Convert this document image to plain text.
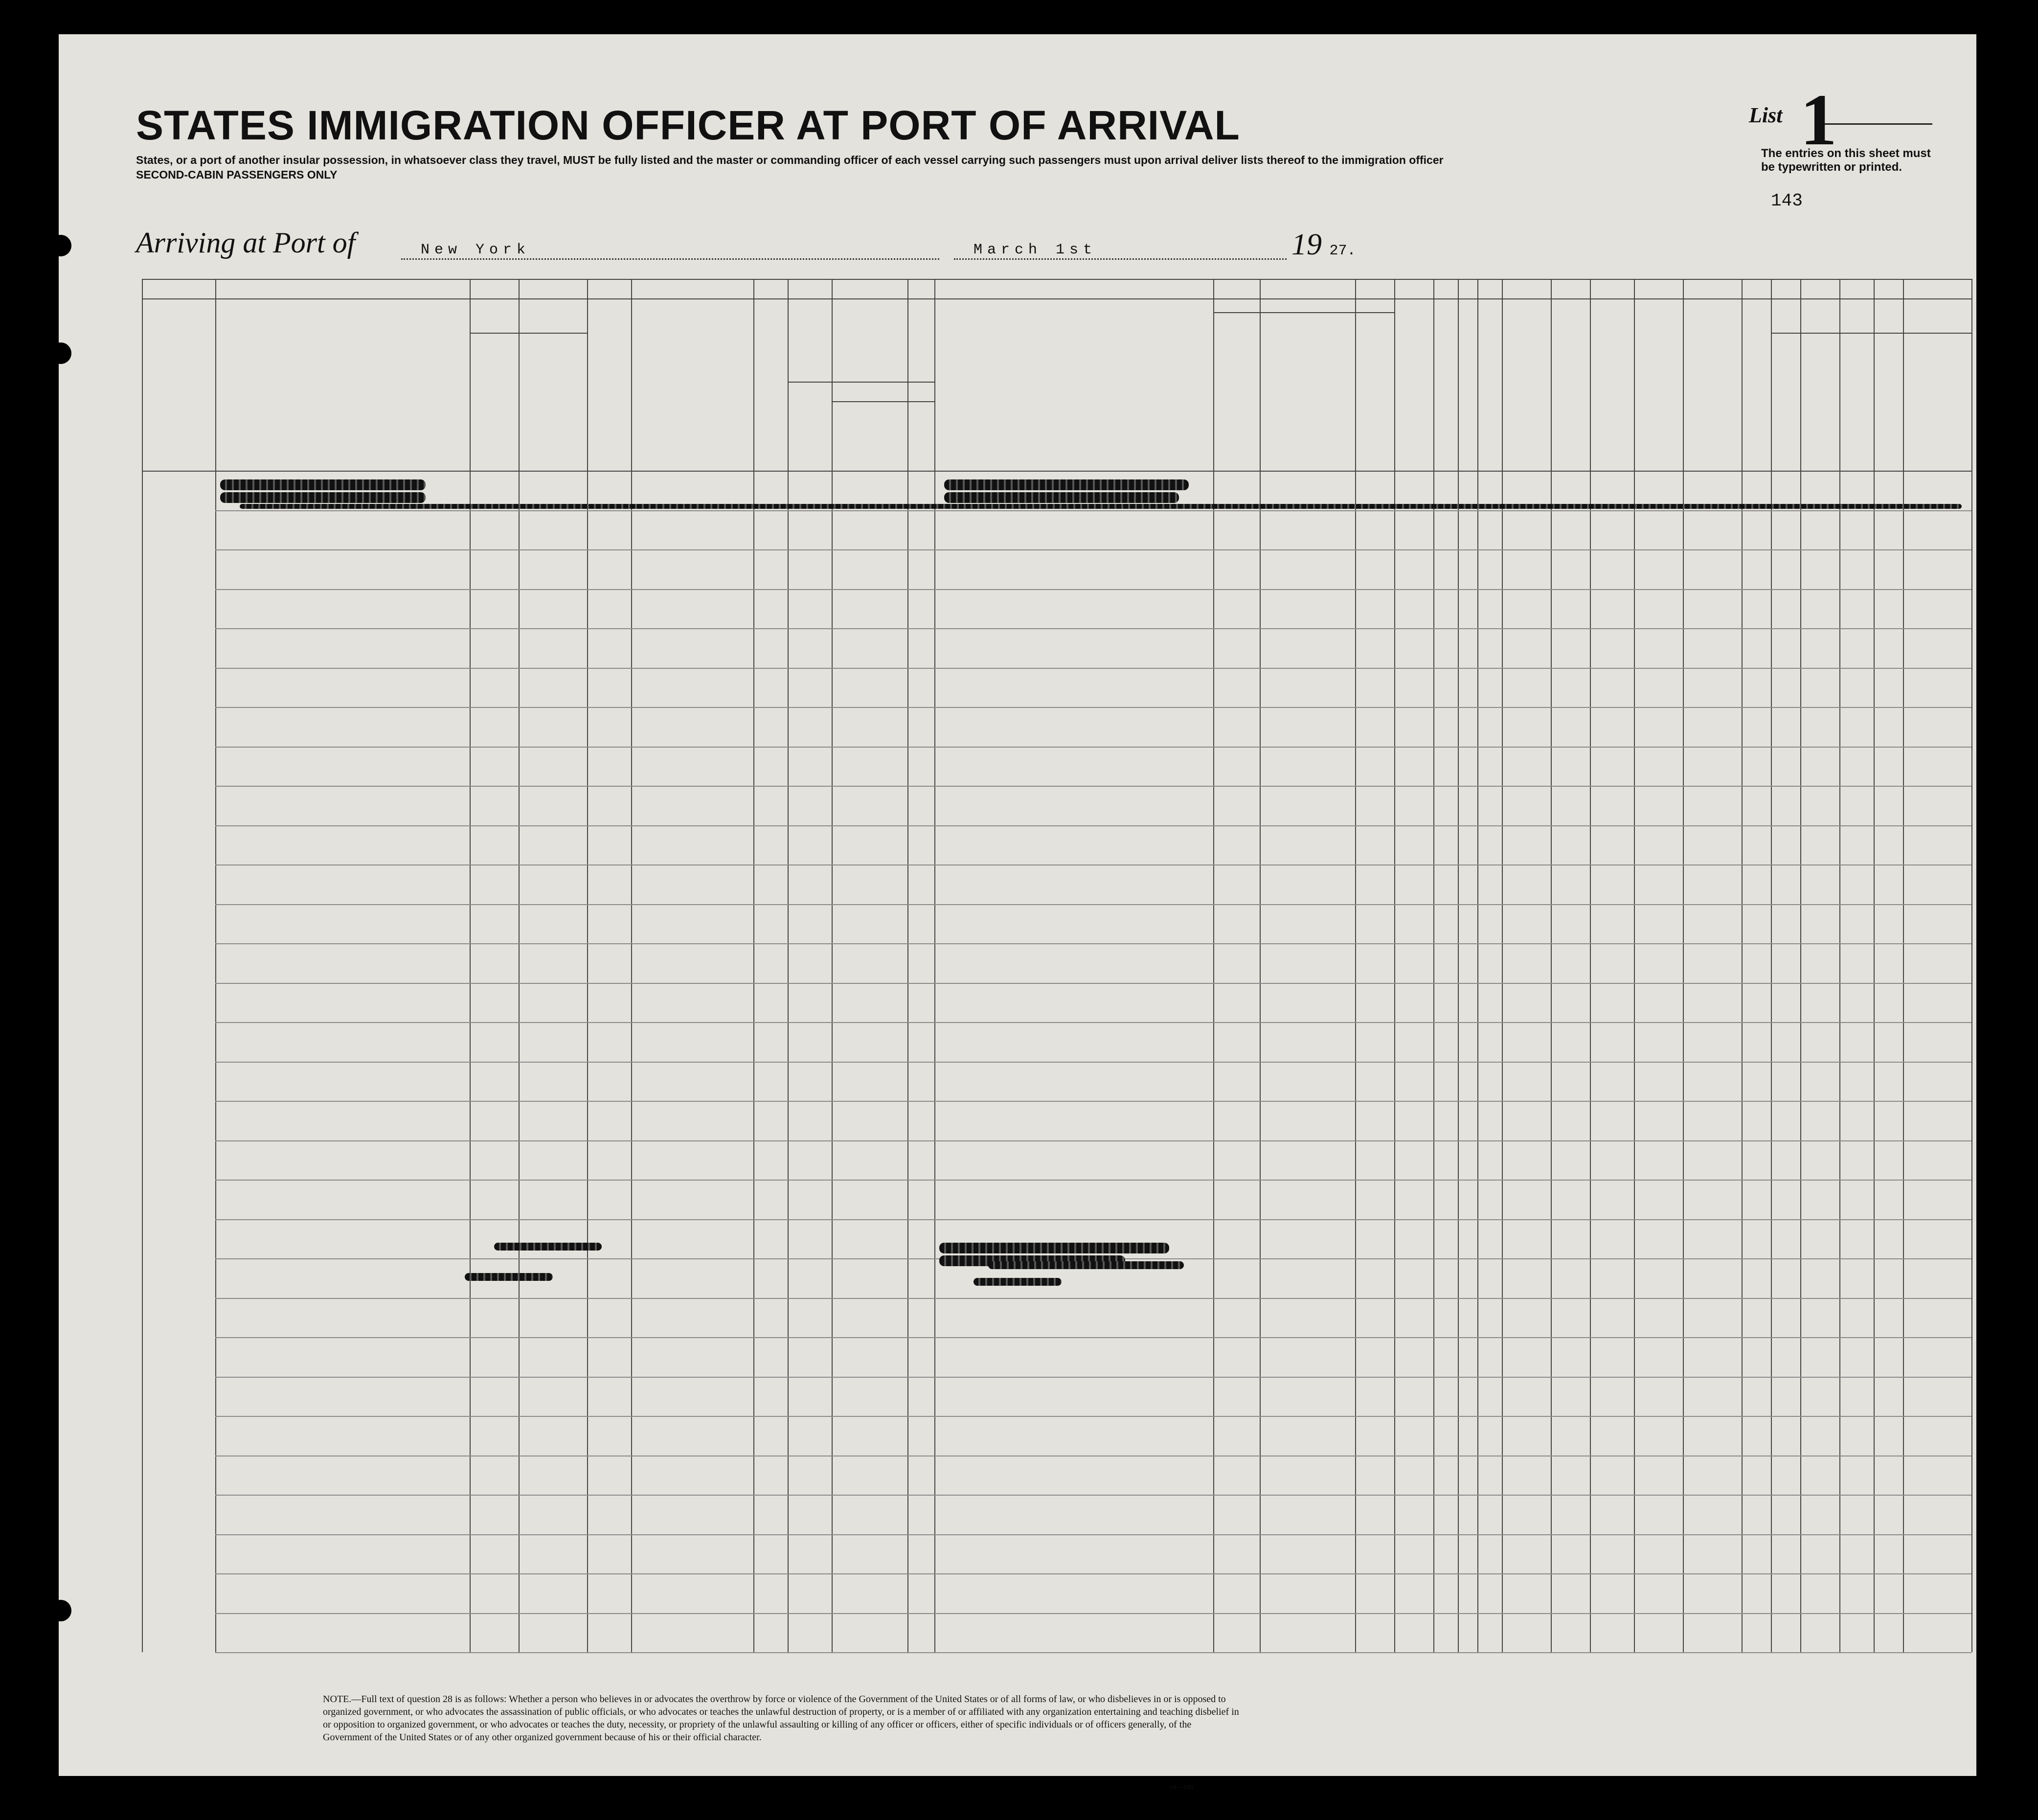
STATES IMMIGRATION OFFICER AT PORT OF ARRIVAL
States, or a port of another insular possession, in whatsoever class they travel, MUST be fully listed and the master or commanding officer of each vessel carrying such passengers must upon arrival deliver lists thereof to the immigration officer
SECOND-CABIN PASSENGERS ONLY
List 1
The entries on this sheet must be typewritten or printed.
143
Arriving at Port of	New York	March 1st	19 27.
NOTE.—Full text of question 28 is as follows: Whether a person who believes in or advocates the overthrow by force or violence of the Government of the United States or of all forms of law, or who disbelieves in or is opposed to organized government, or who advocates the assassination of public officials, or who advocates or teaches the unlawful destruction of property, or is a member of or affiliated with any organization entertaining and teaching disbelief in or opposition to organized government, or who advocates or teaches the duty, necessity, or propriety of the unlawful assaulting or killing of any officer or officers, either of specific individuals or of officers generally, of the Government of the United States or of any other organized government because of his or their official character.
14—490
